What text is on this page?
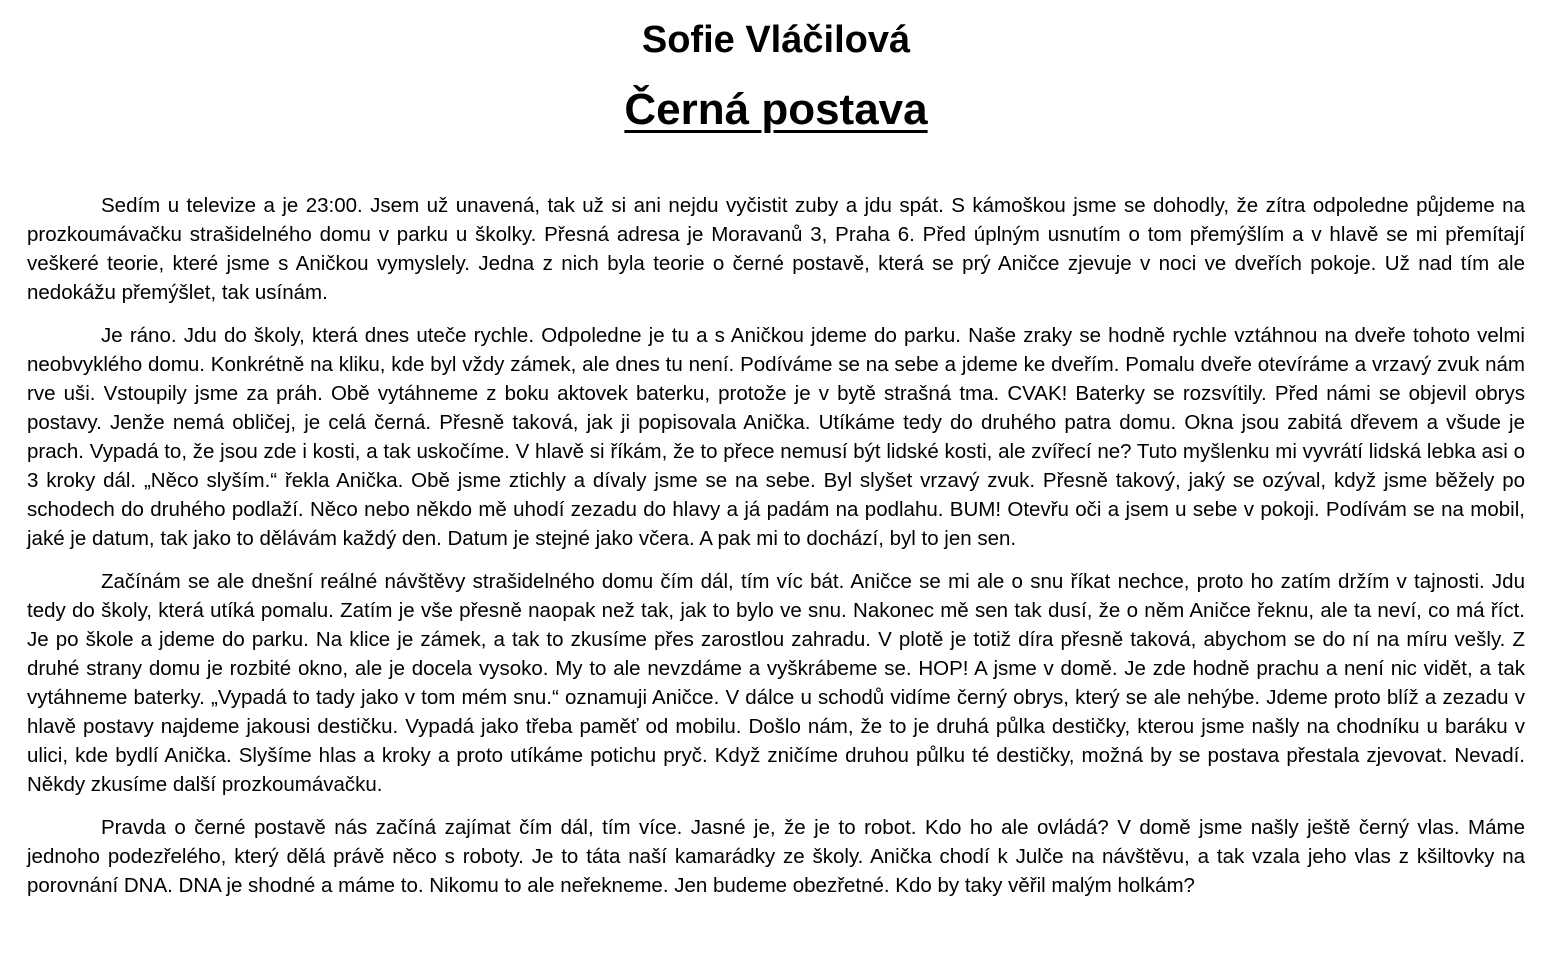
Sofie Vláčilová
Černá postava

Sedím u televize a je 23:00. Jsem už unavená, tak už si ani nejdu vyčistit zuby a jdu spát. S kámoškou jsme se dohodly, že zítra odpoledne půjdeme na prozkoumávačku strašidelného domu v parku u školky. Přesná adresa je Moravanů 3, Praha 6. Před úplným usnutím o tom přemýšlím a v hlavě se mi přemítají veškeré teorie, které jsme s Aničkou vymyslely. Jedna z nich byla teorie o černé postavě, která se prý Aničce zjevuje v noci ve dveřích pokoje. Už nad tím ale nedokážu přemýšlet, tak usínám.

Je ráno. Jdu do školy, která dnes uteče rychle. Odpoledne je tu a s Aničkou jdeme do parku. Naše zraky se hodně rychle vztáhnou na dveře tohoto velmi neobvyklého domu. Konkrétně na kliku, kde byl vždy zámek, ale dnes tu není. Podíváme se na sebe a jdeme ke dveřím. Pomalu dveře otevíráme a vrzavý zvuk nám rve uši. Vstoupily jsme za práh. Obě vytáhneme z boku aktovek baterku, protože je v bytě strašná tma. CVAK! Baterky se rozsvítily. Před námi se objevil obrys postavy. Jenže nemá obličej, je celá černá. Přesně taková, jak ji popisovala Anička. Utíkáme tedy do druhého patra domu. Okna jsou zabitá dřevem a všude je prach. Vypadá to, že jsou zde i kosti, a tak uskočíme. V hlavě si říkám, že to přece nemusí být lidské kosti, ale zvířecí ne? Tuto myšlenku mi vyvrátí lidská lebka asi o 3 kroky dál. „Něco slyším.“ řekla Anička. Obě jsme ztichly a dívaly jsme se na sebe. Byl slyšet vrzavý zvuk. Přesně takový, jaký se ozýval, když jsme běžely po schodech do druhého podlaží. Něco nebo někdo mě uhodí zezadu do hlavy a já padám na podlahu. BUM! Otevřu oči a jsem u sebe v pokoji. Podívám se na mobil, jaké je datum, tak jako to dělávám každý den. Datum je stejné jako včera. A pak mi to dochází, byl to jen sen.

Začínám se ale dnešní reálné návštěvy strašidelného domu čím dál, tím víc bát. Aničce se mi ale o snu říkat nechce, proto ho zatím držím v tajnosti. Jdu tedy do školy, která utíká pomalu. Zatím je vše přesně naopak než tak, jak to bylo ve snu. Nakonec mě sen tak dusí, že o něm Aničce řeknu, ale ta neví, co má říct. Je po škole a jdeme do parku. Na klice je zámek, a tak to zkusíme přes zarostlou zahradu. V plotě je totiž díra přesně taková, abychom se do ní na míru vešly. Z druhé strany domu je rozbité okno, ale je docela vysoko. My to ale nevzdáme a vyškrábeme se. HOP! A jsme v domě. Je zde hodně prachu a není nic vidět, a tak vytáhneme baterky. „Vypadá to tady jako v tom mém snu.“ oznamuji Aničce. V dálce u schodů vidíme černý obrys, který se ale nehýbe. Jdeme proto blíž a zezadu v hlavě postavy najdeme jakousi destičku. Vypadá jako třeba paměť od mobilu. Došlo nám, že to je druhá půlka destičky, kterou jsme našly na chodníku u baráku v ulici, kde bydlí Anička. Slyšíme hlas a kroky a proto utíkáme potichu pryč. Když zničíme druhou půlku té destičky, možná by se postava přestala zjevovat. Nevadí. Někdy zkusíme další prozkoumávačku.

Pravda o černé postavě nás začíná zajímat čím dál, tím více. Jasné je, že je to robot. Kdo ho ale ovládá? V domě jsme našly ještě černý vlas. Máme jednoho podezřelého, který dělá právě něco s roboty. Je to táta naší kamarádky ze školy. Anička chodí k Julče na návštěvu, a tak vzala jeho vlas z kšiltovky na porovnání DNA. DNA je shodné a máme to. Nikomu to ale neřekneme. Jen budeme obezřetné. Kdo by taky věřil malým holkám?
